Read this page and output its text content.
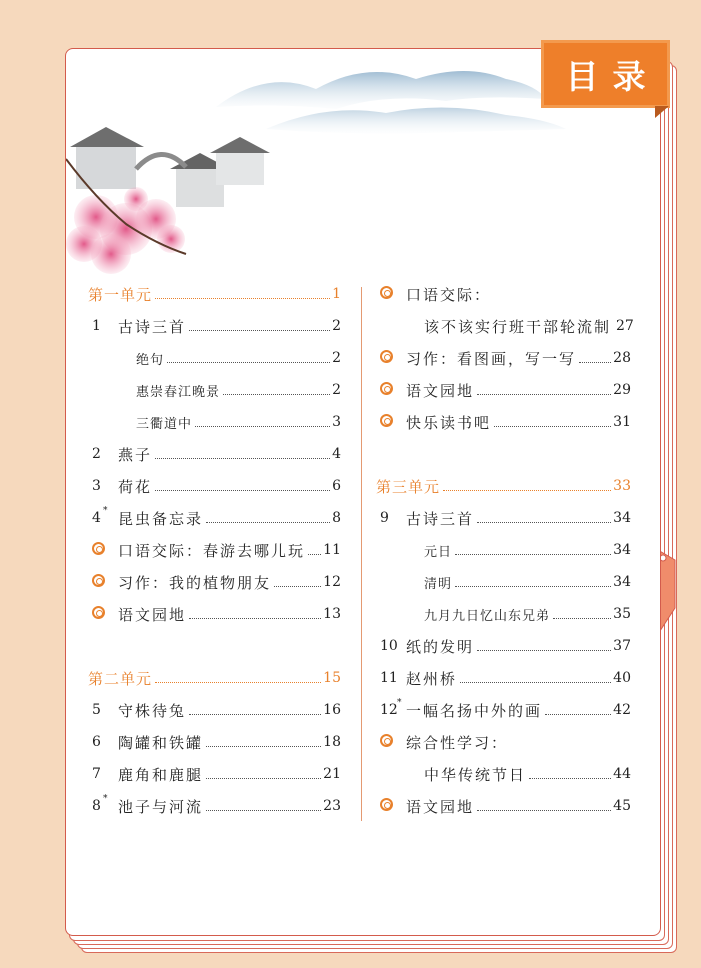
第一单元	1
1	古诗三首	2
绝句	2
惠崇春江晚景	2
三衢道中	3
2	燕子	4
3	荷花	6
4 * 昆虫备忘录	8
口语交际：春游去哪儿玩 11
习作：我的植物朋友	12
语文园地	13
第二单元	15
5	守株待兔	16
6	陶罐和铁罐	18
7	鹿角和鹿腿	21
8 * 池子与河流	23
口语交际：
该不该实行班干部轮流制 27
习作：看图画，写一写	28
语文园地	29
快乐读书吧	31
第三单元	33
9	古诗三首	34
元日	34
清明	34
九月九日忆山东兄弟	35
10 纸的发明	37
11 赵州桥	40
12 * 一幅名扬中外的画	42
综合性学习：
中华传统节日	44
语文园地	45
目录
